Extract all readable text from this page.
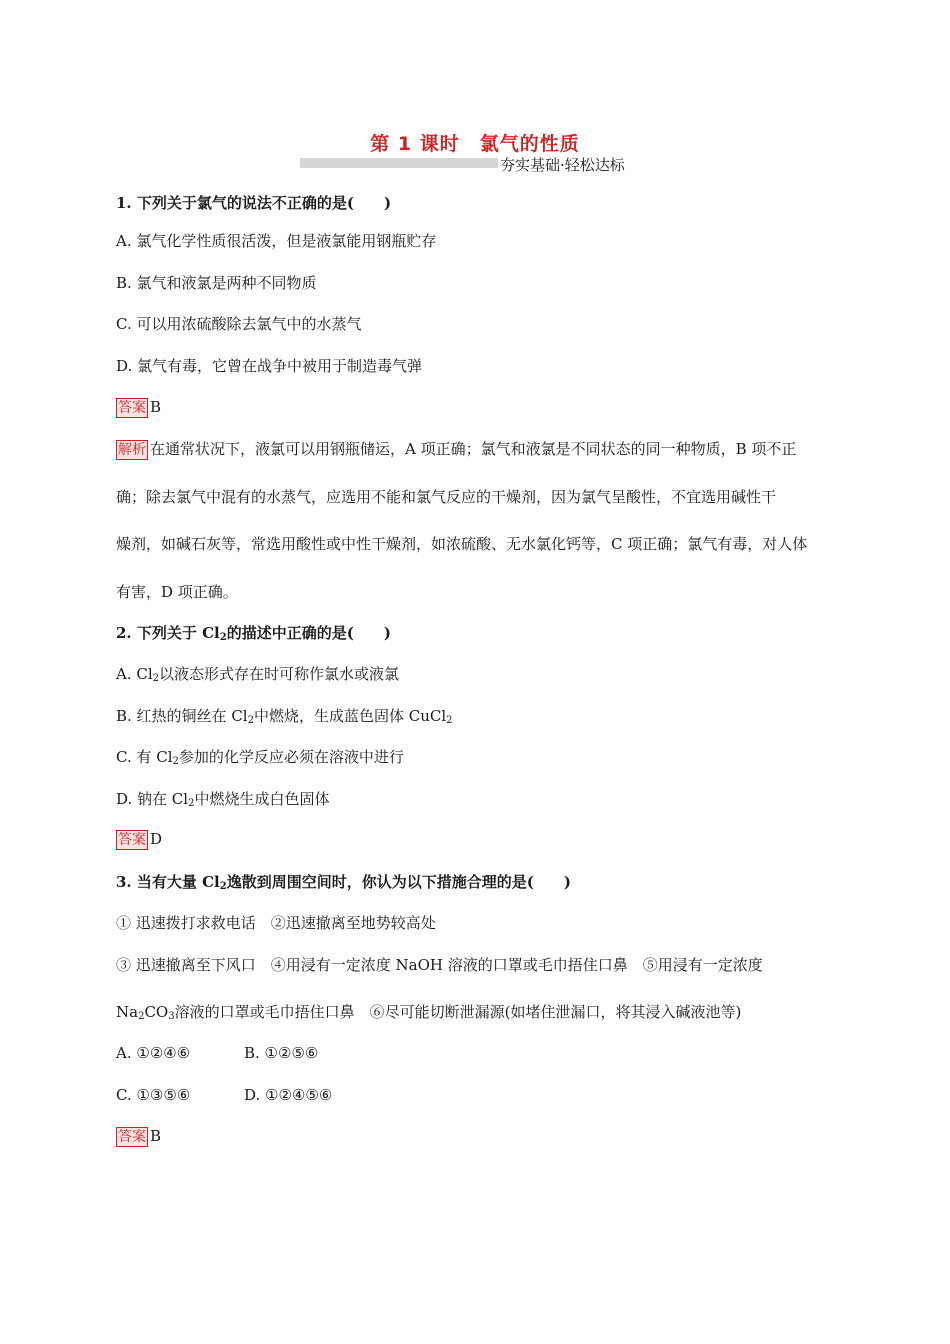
第 1 课时　氯气的性质
夯实基础·轻松达标
1. 下列关于氯气的说法不正确的是(　　)
A. 氯气化学性质很活泼，但是液氯能用钢瓶贮存
B. 氯气和液氯是两种不同物质
C. 可以用浓硫酸除去氯气中的水蒸气
D. 氯气有毒，它曾在战争中被用于制造毒气弹
答案 B
解析 在通常状况下，液氯可以用钢瓶储运，A 项正确；氯气和液氯是不同状态的同一种物质，B 项不正
确；除去氯气中混有的水蒸气，应选用不能和氯气反应的干燥剂，因为氯气呈酸性，不宜选用碱性干
燥剂，如碱石灰等，常选用酸性或中性干燥剂，如浓硫酸、无水氯化钙等，C 项正确；氯气有毒，对人体
有害，D 项正确。
2. 下列关于 $Cl_2$的描述中正确的是(　　)
A. $Cl_2$以液态形式存在时可称作氯水或液氯
B. 红热的铜丝在 $Cl_2$中燃烧，生成蓝色固体 CuCl$_2$
C. 有 $Cl_2$参加的化学反应必须在溶液中进行
D. 钠在 $Cl_2$中燃烧生成白色固体
答案 D
3. 当有大量 $Cl_2$逸散到周围空间时，你认为以下措施合理的是(　　)
① 迅速拨打求救电话　②迅速撤离至地势较高处
③ 迅速撤离至下风口　④用浸有一定浓度 NaOH 溶液的口罩或毛巾捂住口鼻　⑤用浸有一定浓度
$Na_2CO_3$溶液的口罩或毛巾捂住口鼻　⑥尽可能切断泄漏源(如堵住泄漏口，将其浸入碱液池等)
A. ①②④⑥	B. ①②⑤⑥
C. ①③⑤⑥	D. ①②④⑤⑥
答案 B
